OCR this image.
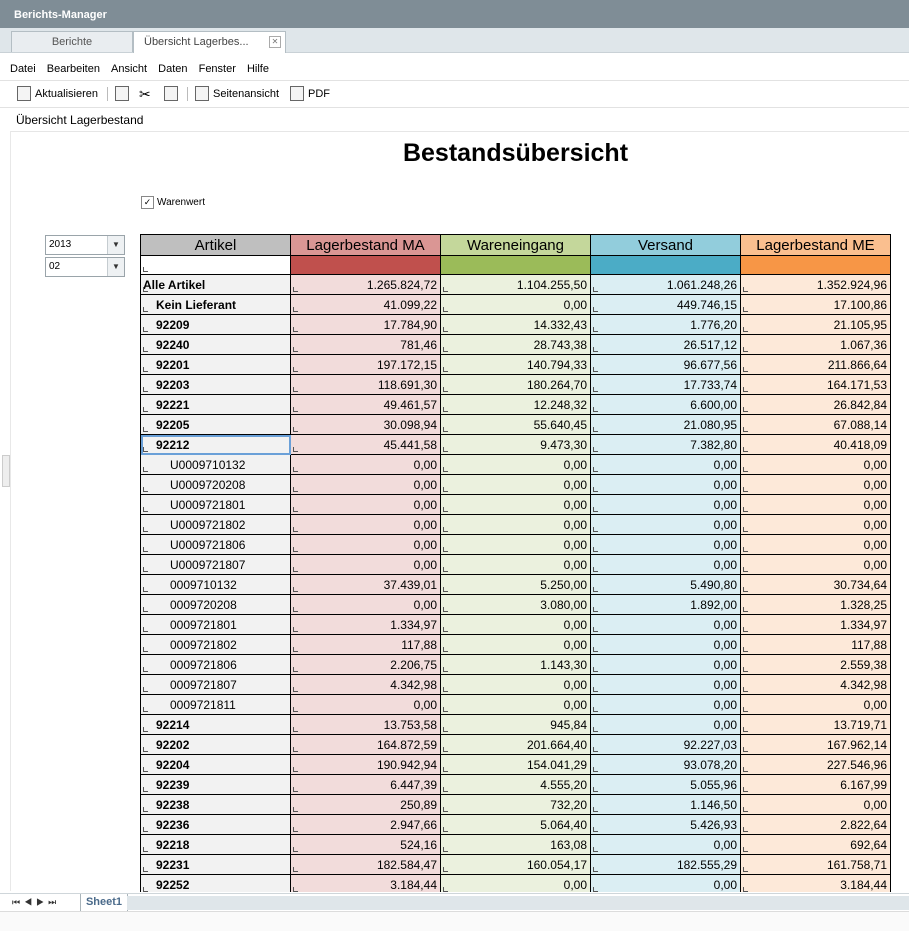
Berichts-Manager
Berichte	Übersicht Lagerbes...	✕
Datei Bearbeiten Ansicht Daten Fenster Hilfe
Aktualisieren	✂	Seitenansicht	PDF
Übersicht Lagerbestand
Bestandsübersicht
✓ Warenwert
2013	▼
02	▼
Artikel	Lagerbestand MA	Wareneingang	Versand	Lagerbestand ME

Alle Artikel	1.265.824,72	1.104.255,50	1.061.248,26	1.352.924,96
Kein Lieferant	41.099,22	0,00	449.746,15	17.100,86
92209	17.784,90	14.332,43	1.776,20	21.105,95
92240	781,46	28.743,38	26.517,12	1.067,36
92201	197.172,15	140.794,33	96.677,56	211.866,64
92203	118.691,30	180.264,70	17.733,74	164.171,53
92221	49.461,57	12.248,32	6.600,00	26.842,84
92205	30.098,94	55.640,45	21.080,95	67.088,14
92212	45.441,58	9.473,30	7.382,80	40.418,09
U0009710132	0,00	0,00	0,00	0,00
U0009720208	0,00	0,00	0,00	0,00
U0009721801	0,00	0,00	0,00	0,00
U0009721802	0,00	0,00	0,00	0,00
U0009721806	0,00	0,00	0,00	0,00
U0009721807	0,00	0,00	0,00	0,00
0009710132	37.439,01	5.250,00	5.490,80	30.734,64
0009720208	0,00	3.080,00	1.892,00	1.328,25
0009721801	1.334,97	0,00	0,00	1.334,97
0009721802	117,88	0,00	0,00	117,88
0009721806	2.206,75	1.143,30	0,00	2.559,38
0009721807	4.342,98	0,00	0,00	4.342,98
0009721811	0,00	0,00	0,00	0,00
92214	13.753,58	945,84	0,00	13.719,71
92202	164.872,59	201.664,40	92.227,03	167.962,14
92204	190.942,94	154.041,29	93.078,20	227.546,96
92239	6.447,39	4.555,20	5.055,96	6.167,99
92238	250,89	732,20	1.146,50	0,00
92236	2.947,66	5.064,40	5.426,93	2.822,64
92218	524,16	163,08	0,00	692,64
92231	182.584,47	160.054,17	182.555,29	161.758,71
92252	3.184,44	0,00	0,00	3.184,44
⏮◀▶⏭	Sheet1
